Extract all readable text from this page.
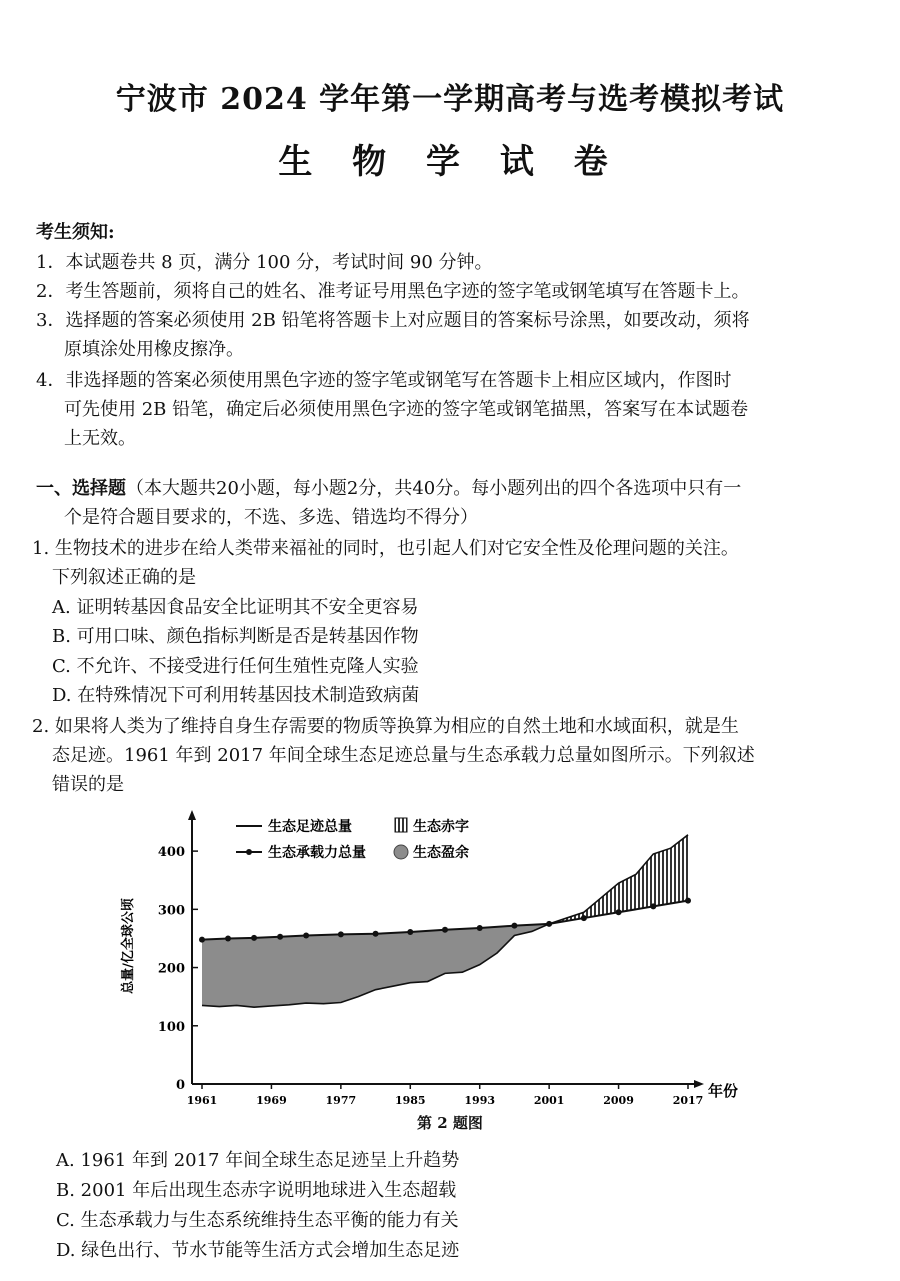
宁波市 2024 学年第一学期高考与选考模拟考试
生 物 学 试 卷
考生须知:
1．本试题卷共 8 页，满分 100 分，考试时间 90 分钟。
2．考生答题前，须将自己的姓名、准考证号用黑色字迹的签字笔或钢笔填写在答题卡上。
3．选择题的答案必须使用 2B 铅笔将答题卡上对应题目的答案标号涂黑，如要改动，须将
原填涂处用橡皮擦净。
4．非选择题的答案必须使用黑色字迹的签字笔或钢笔写在答题卡上相应区域内，作图时
可先使用 2B 铅笔，确定后必须使用黑色字迹的签字笔或钢笔描黑，答案写在本试题卷
上无效。
一、选择题（本大题共20小题，每小题2分，共40分。每小题列出的四个各选项中只有一
个是符合题目要求的，不选、多选、错选均不得分）
1. 生物技术的进步在给人类带来福祉的同时，也引起人们对它安全性及伦理问题的关注。
下列叙述正确的是
A. 证明转基因食品安全比证明其不安全更容易
B. 可用口味、颜色指标判断是否是转基因作物
C. 不允许、不接受进行任何生殖性克隆人实验
D. 在特殊情况下可利用转基因技术制造致病菌
2. 如果将人类为了维持自身生存需要的物质等换算为相应的自然土地和水域面积，就是生
态足迹。1961 年到 2017 年间全球生态足迹总量与生态承载力总量如图所示。下列叙述
错误的是
年份
总量/亿全球公顷
0
1961	1969	1977	1985	1993	2001	2009	2017
100
200
300
400
生态足迹总量	生态赤字
生态承载力总量	生态盈余
第 2 题图
A. 1961 年到 2017 年间全球生态足迹呈上升趋势
B. 2001 年后出现生态赤字说明地球进入生态超载
C. 生态承载力与生态系统维持生态平衡的能力有关
D. 绿色出行、节水节能等生活方式会增加生态足迹
